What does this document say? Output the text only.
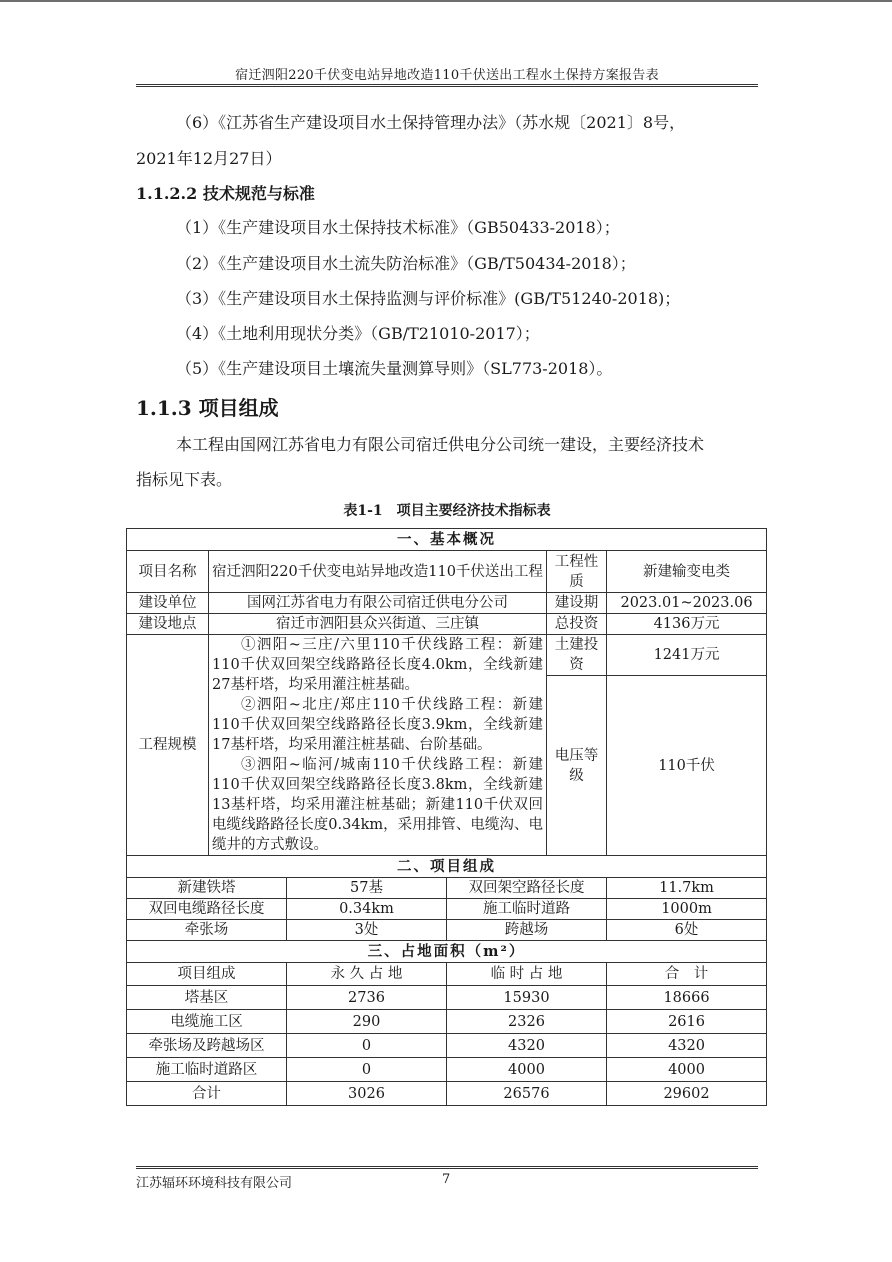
宿迁泗阳220千伏变电站异地改造110千伏送出工程水土保持方案报告表
（6）《江苏省生产建设项目水土保持管理办法》（苏水规〔2021〕8号，
2021年12月27日）
1.1.2.2 技术规范与标准
（1）《生产建设项目水土保持技术标准》（GB50433-2018）；
（2）《生产建设项目水土流失防治标准》（GB/T50434-2018）；
（3）《生产建设项目水土保持监测与评价标准》(GB/T51240-2018)；
（4）《土地利用现状分类》（GB/T21010-2017）；
（5）《生产建设项目土壤流失量测算导则》（SL773-2018）。
1.1.3 项目组成
本工程由国网江苏省电力有限公司宿迁供电分公司统一建设，主要经济技术
指标见下表。
表1-1　项目主要经济技术指标表
一、基本概况					
项目名称	宿迁泗阳220千伏变电站异地改造110千伏送出工程			工程性质	新建输变电类
建设单位	国网江苏省电力有限公司宿迁供电分公司			建设期	2023.01~2023.06
建设地点	宿迁市泗阳县众兴街道、三庄镇			总投资	4136万元
工程规模	①泗阳~三庄/六里110千伏线路工程：新建110千伏双回架空线路路径长度4.0km，全线新建27基杆塔，均采用灌注桩基础。

②泗阳~北庄/郑庄110千伏线路工程：新建110千伏双回架空线路路径长度3.9km，全线新建17基杆塔，均采用灌注桩基础、台阶基础。

③泗阳~临河/城南110千伏线路工程：新建110千伏双回架空线路路径长度3.8km，全线新建13基杆塔，均采用灌注桩基础；新建110千伏双回电缆线路路径长度0.34km，采用排管、电缆沟、电缆井的方式敷设。			土建投资	1241万元
				电压等级	110千伏
二、项目组成					
新建铁塔		57基	双回架空路径长度		11.7km
双回电缆路径长度		0.34km	施工临时道路		1000m
牵张场		3处	跨越场		6处
三、占地面积（m²）					
项目组成		永 久 占 地	临 时 占 地		合　计
塔基区		2736	15930		18666
电缆施工区		290	2326		2616
牵张场及跨越场区		0	4320		4320
施工临时道路区		0	4000		4000
合计		3026	26576		29602
江苏辐环环境科技有限公司	7
